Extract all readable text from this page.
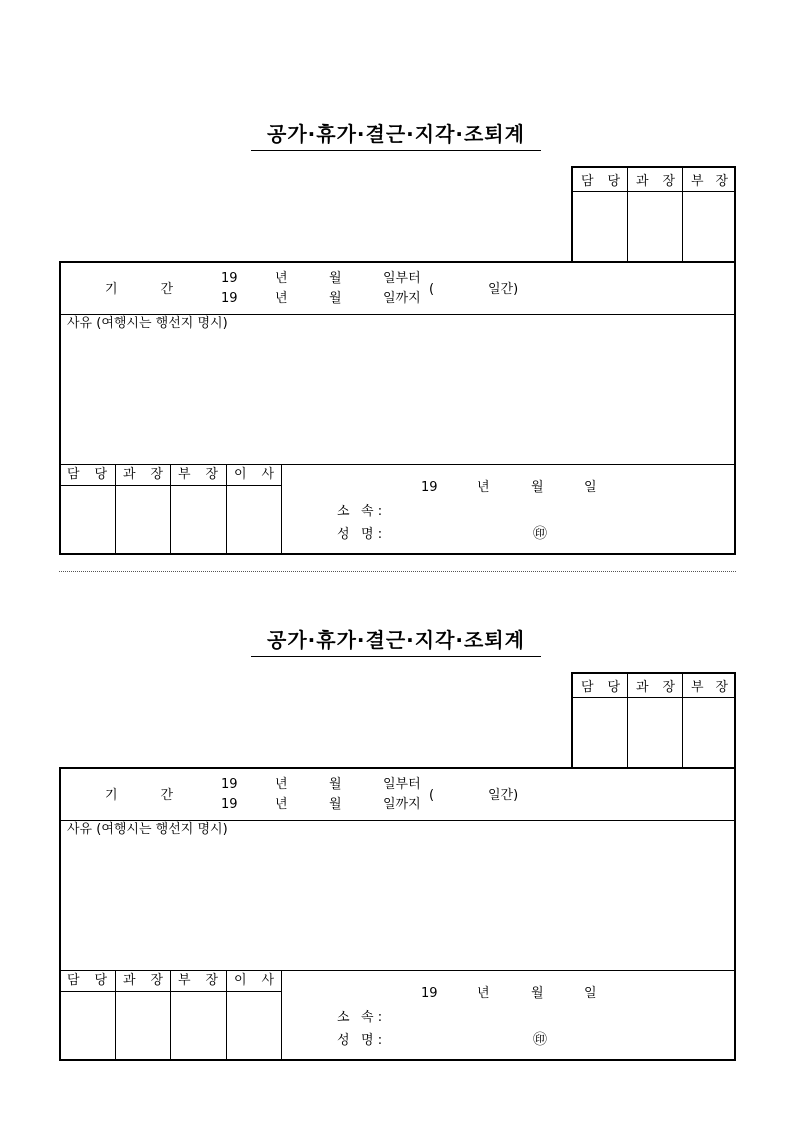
공가·휴가·결근·지각·조퇴계
담 당 과 장 부 장
기	간
19	년	월	일부터
19	년	월	일까지
(	일간)
사유 (여행시는 행선지 명시)
담 당 과 장 부 장 이 사
19	년	월	일
소 속 :
성 명 :	㊞
공가·휴가·결근·지각·조퇴계
담 당 과 장 부 장
기	간
19	년	월	일부터
19	년	월	일까지
(	일간)
사유 (여행시는 행선지 명시)
담 당 과 장 부 장 이 사
19	년	월	일
소 속 :
성 명 :	㊞
